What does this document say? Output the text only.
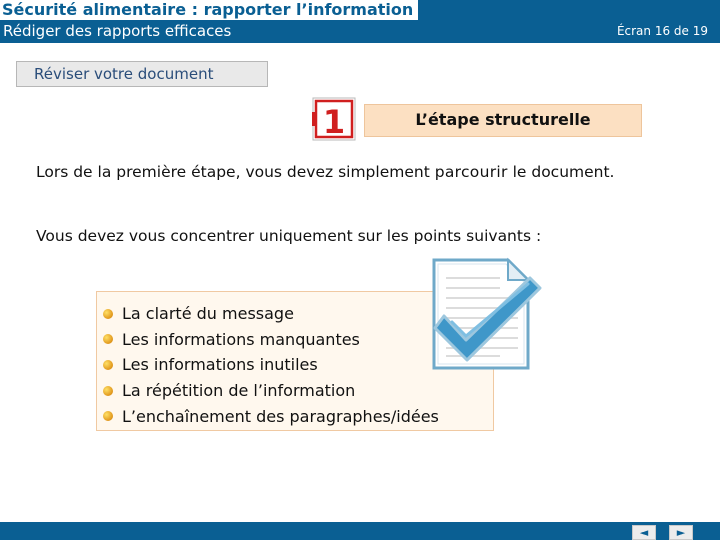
Sécurité alimentaire : rapporter l’information
Rédiger des rapports efficaces	Écran 16 de 19
Réviser votre document
1	L’étape structurelle
Lors de la première étape, vous devez simplement parcourir le document.
Vous devez vous concentrer uniquement sur les points suivants :
La clarté du message
Les informations manquantes
Les informations inutiles
La répétition de l’information
L’enchaînement des paragraphes/idées
◄	►
